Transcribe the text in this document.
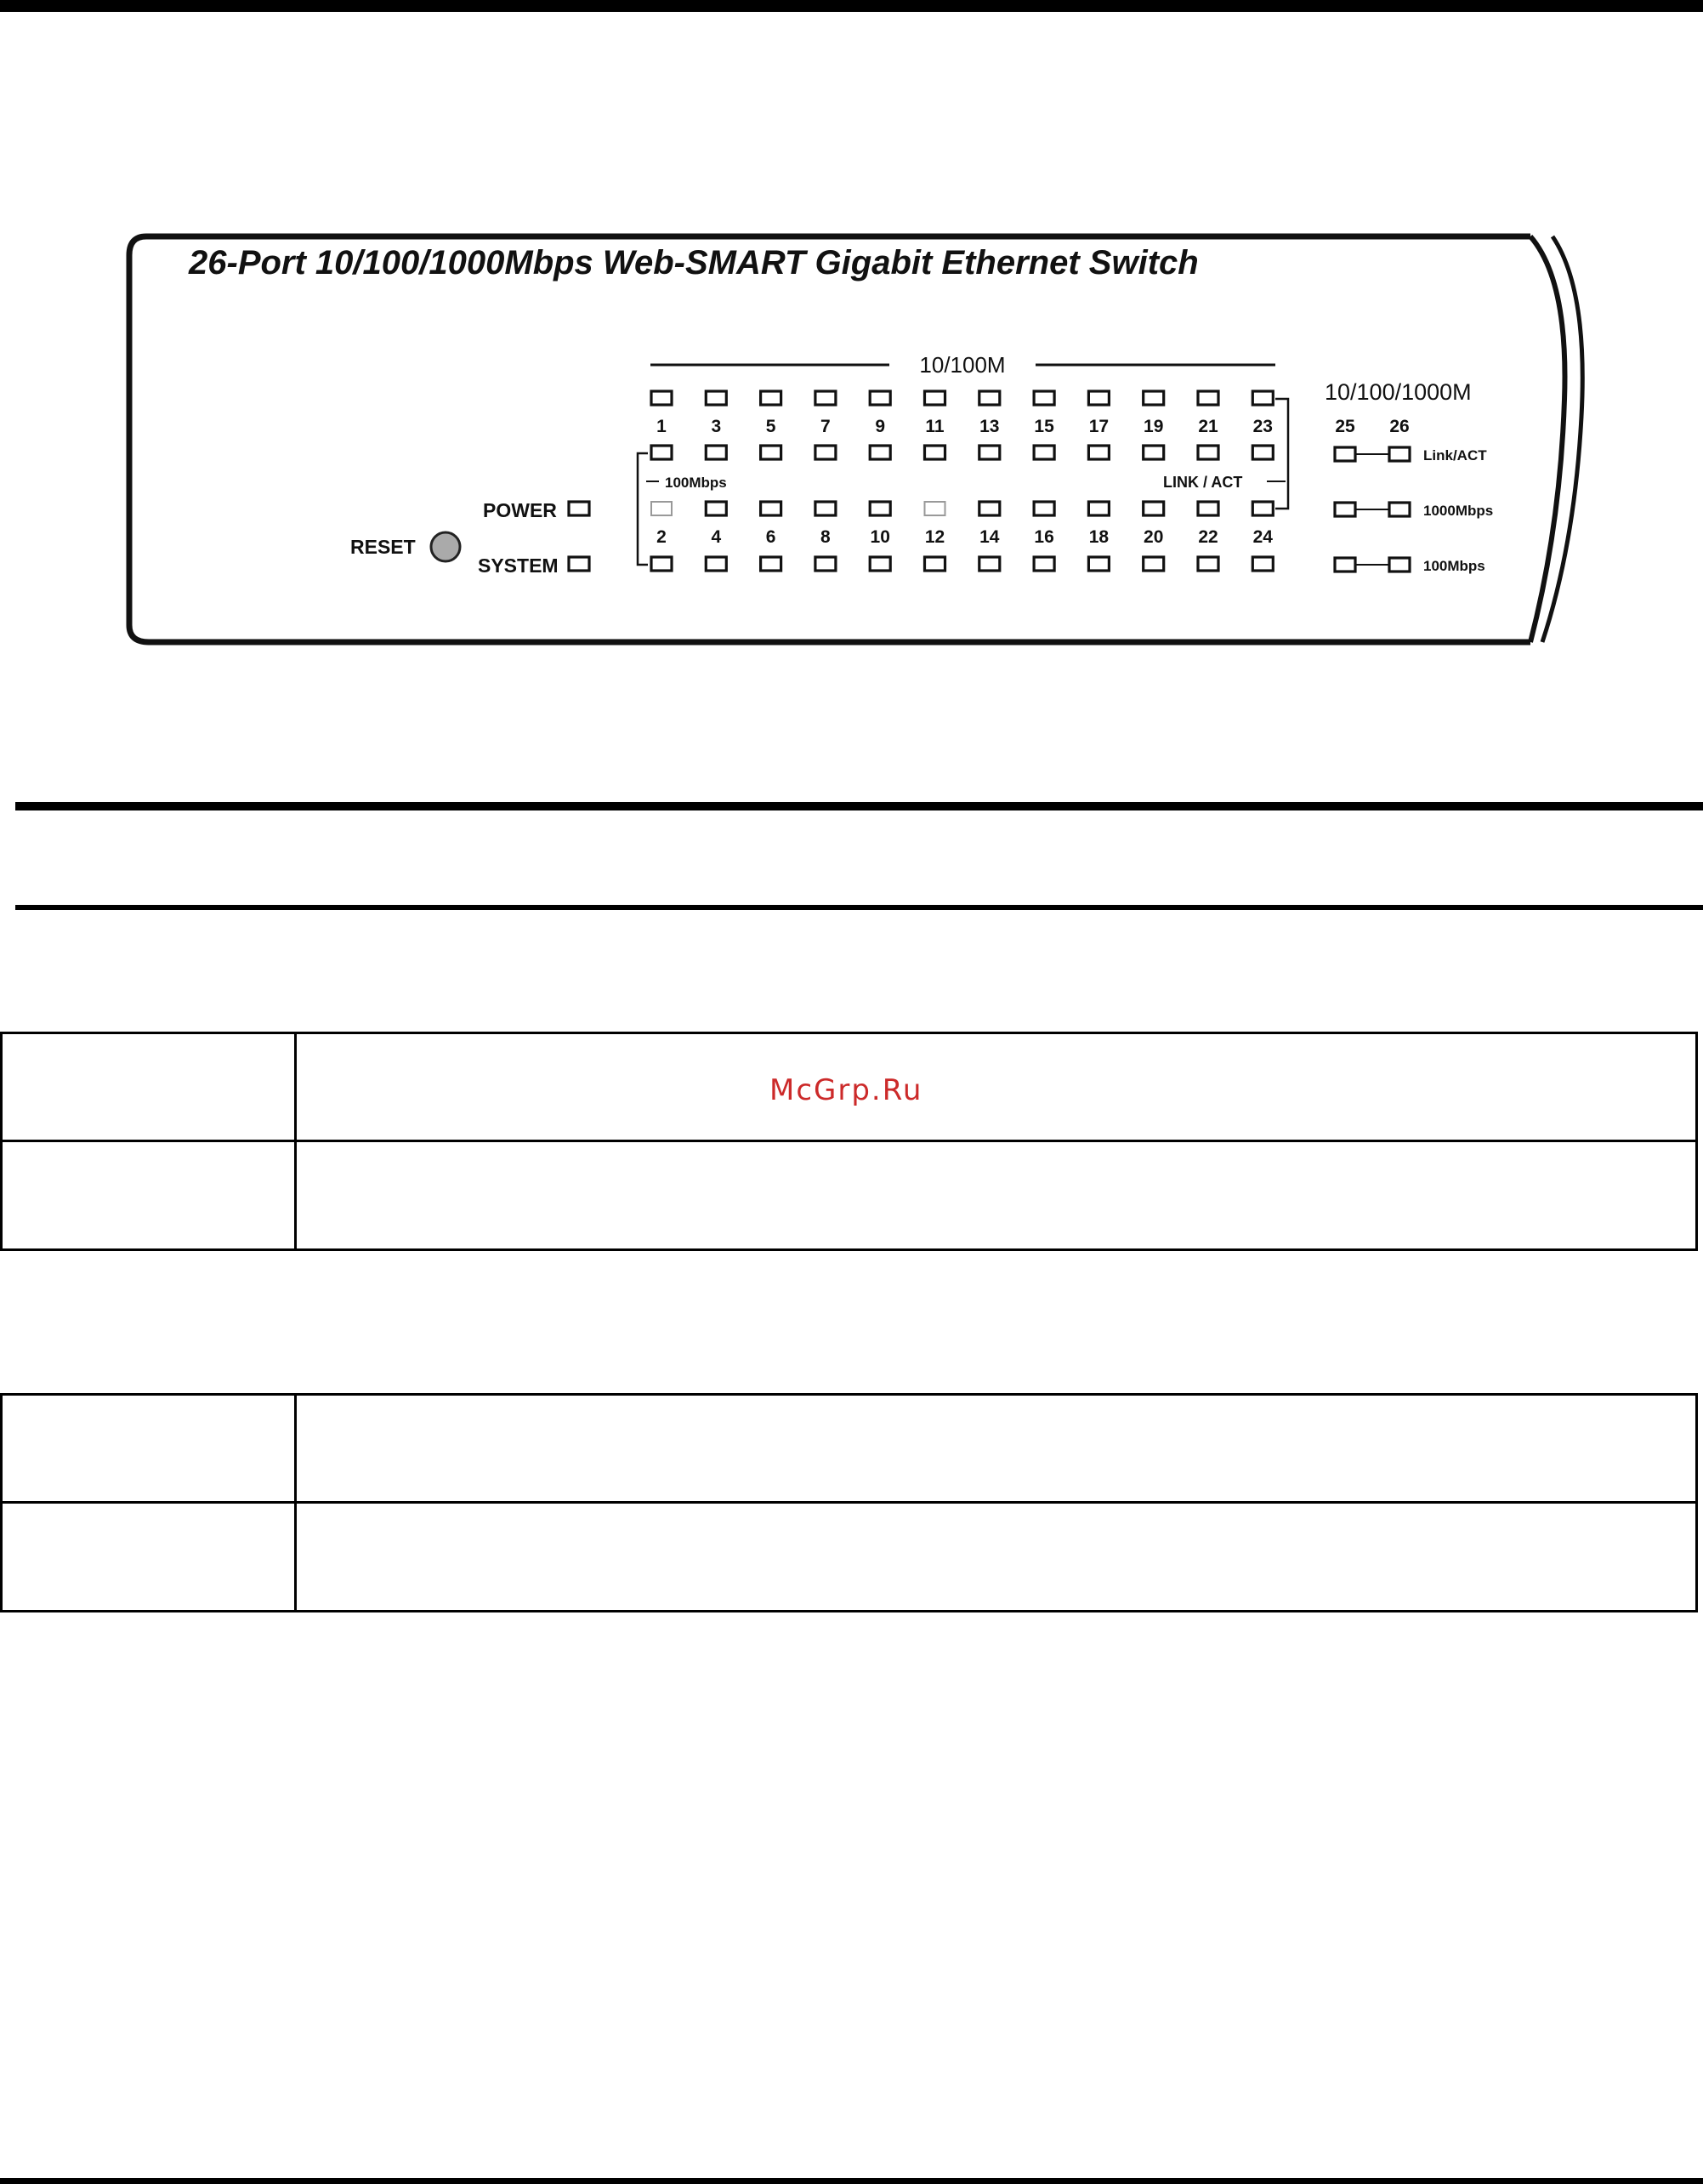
26-Port 10/100/1000Mbps Web-SMART Gigabit Ethernet Switch
10/100M
10/100/1000M
100Mbps	LINK / ACT
1	3	5	7	9 11 13 15 17 19 21 23
2	4	6	8 10 12 14 16 18 20 22 24
25 26
Link/ACT
1000Mbps
100Mbps
POWER
SYSTEM
RESET

McGrp.Ru
